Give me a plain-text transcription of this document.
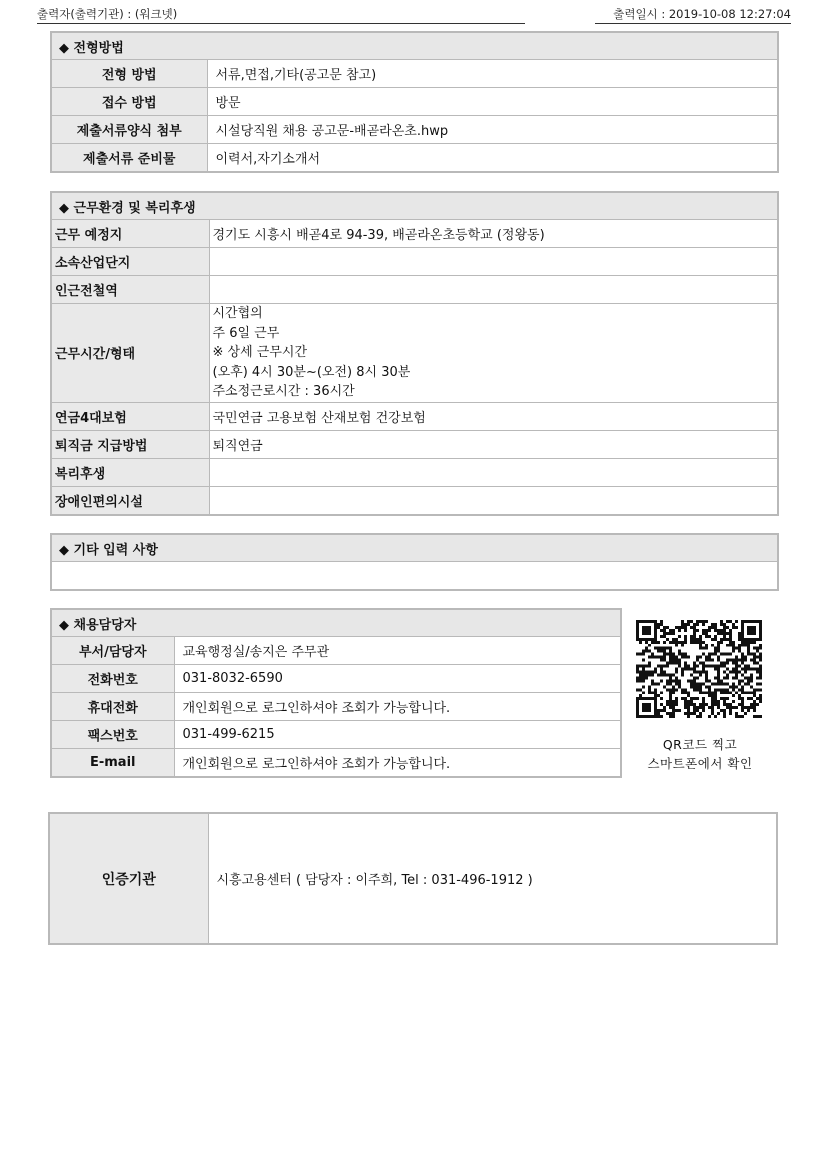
출력자(출력기관) : (워크넷)	출력일시 : 2019-10-08 12:27:04
◆ 전형방법	
전형 방법	서류,면접,기타(공고문 참고)
접수 방법	방문
제출서류양식 첨부	시설당직원 채용 공고문-배곧라온초.hwp
제출서류 준비물	이력서,자기소개서
◆ 근무환경 및 복리후생	
근무 예정지	경기도 시흥시 배곧4로 94-39, 배곧라온초등학교 (정왕동)
소속산업단지	
인근전철역	
근무시간/형태	시간협의
주 6일 근무
※ 상세 근무시간
(오후) 4시 30분~(오전) 8시 30분
주소정근로시간 : 36시간

연금4대보험	국민연금 고용보험 산재보험 건강보험
퇴직금 지급방법	퇴직연금
복리후생	
장애인편의시설	
◆ 기타 입력 사항

◆ 채용담당자	
부서/담당자	교육행정실/송지은 주무관
전화번호	031-8032-6590
휴대전화	개인회원으로 로그인하셔야 조회가 가능합니다.
팩스번호	031-499-6215
E-mail	개인회원으로 로그인하셔야 조회가 가능합니다.
QR코드 찍고
스마트폰에서 확인
인증기관	시흥고용센터 ( 담당자 : 이주희, Tel : 031-496-1912 )
